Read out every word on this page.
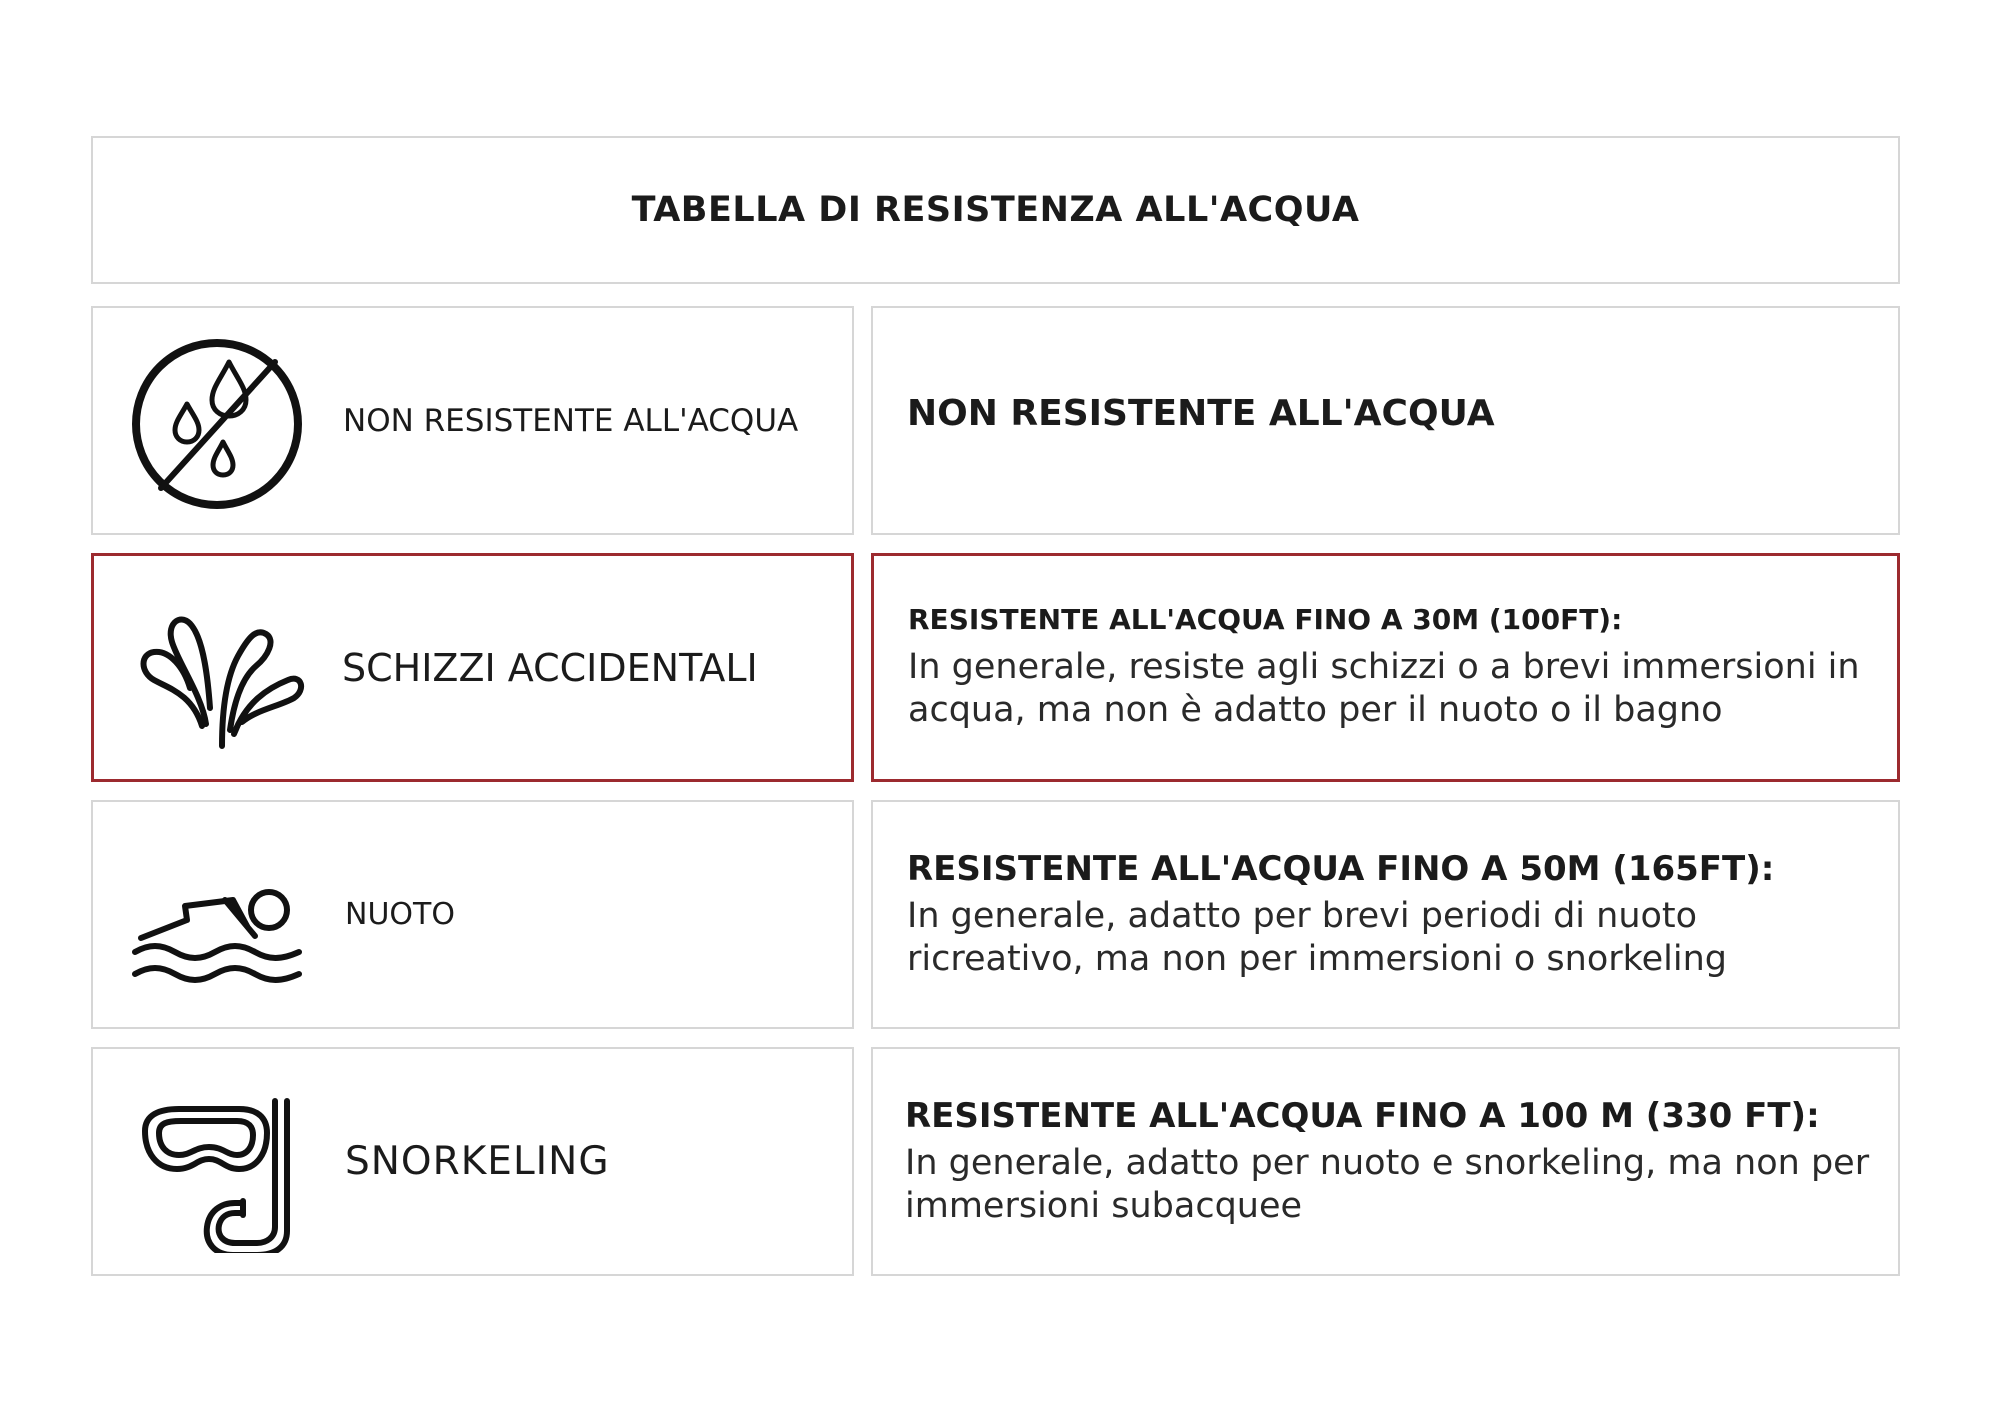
TABELLA DI RESISTENZA ALL'ACQUA
NON RESISTENTE ALL'ACQUA	NON RESISTENTE ALL'ACQUA
SCHIZZI ACCIDENTALI
RESISTENTE ALL'ACQUA FINO A 30M (100FT):
In generale, resiste agli schizzi o a brevi immersioni in acqua, ma non è adatto per il nuoto o il bagno
NUOTO
RESISTENTE ALL'ACQUA FINO A 50M (165FT):
In generale, adatto per brevi periodi di nuoto ricreativo, ma non per immersioni o snorkeling
SNORKELING
RESISTENTE ALL'ACQUA FINO A 100 M (330 FT):
In generale, adatto per nuoto e snorkeling, ma non per immersioni subacquee
